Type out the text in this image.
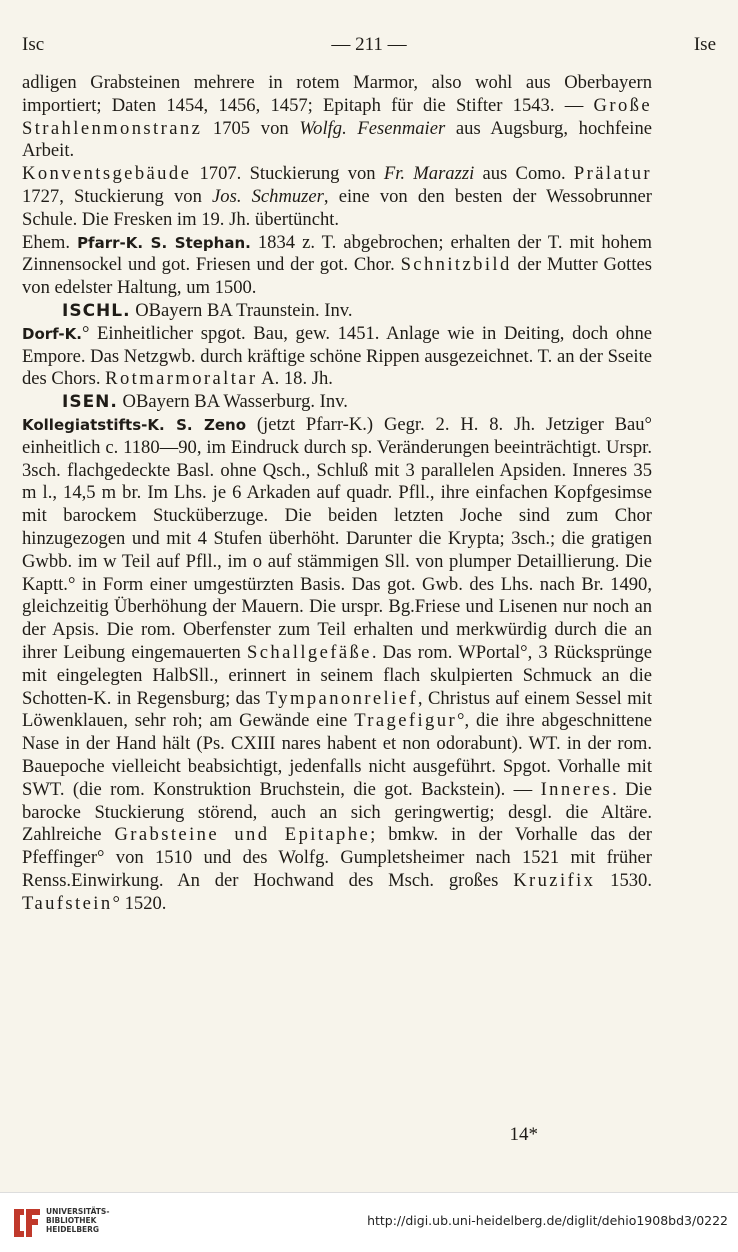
Isc	— 211 —	Ise

adligen Grabsteinen mehrere in rotem Marmor, also wohl aus Oberbayern importiert; Daten 1454, 1456, 1457; Epitaph für die Stifter 1543. — Große Strahlenmonstranz 1705 von Wolfg. Fesenmaier aus Augsburg, hochfeine Arbeit.

Konventsgebäude 1707. Stuckierung von Fr. Marazzi aus Como. Prälatur 1727, Stuckierung von Jos. Schmuzer, eine von den besten der Wessobrunner Schule. Die Fresken im 19. Jh. übertüncht.

Ehem. Pfarr-K. S. Stephan. 1834 z. T. abgebrochen; erhalten der T. mit hohem Zinnensockel und got. Friesen und der got. Chor. Schnitzbild der Mutter Gottes von edelster Haltung, um 1500.

ISCHL. OBayern BA Traunstein. Inv.

Dorf-K.° Einheitlicher spgot. Bau, gew. 1451. Anlage wie in Deiting, doch ohne Empore. Das Netzgwb. durch kräftige schöne Rippen ausgezeichnet. T. an der Sseite des Chors. Rotmarmoraltar A. 18. Jh.

ISEN. OBayern BA Wasserburg. Inv.

Kollegiatstifts-K. S. Zeno (jetzt Pfarr-K.) Gegr. 2. H. 8. Jh. Jetziger Bau° einheitlich c. 1180—90, im Eindruck durch sp. Veränderungen beeinträchtigt. Urspr. 3sch. flachgedeckte Basl. ohne Qsch., Schluß mit 3 parallelen Apsiden. Inneres 35 m l., 14,5 m br. Im Lhs. je 6 Arkaden auf quadr. Pfll., ihre einfachen Kopfgesimse mit barockem Stucküberzuge. Die beiden letzten Joche sind zum Chor hinzugezogen und mit 4 Stufen überhöht. Darunter die Krypta; 3sch.; die gratigen Gwbb. im w Teil auf Pfll., im o auf stämmigen Sll. von plumper Detaillierung. Die Kaptt.° in Form einer umgestürzten Basis. Das got. Gwb. des Lhs. nach Br. 1490, gleichzeitig Überhöhung der Mauern. Die urspr. Bg.Friese und Lisenen nur noch an der Apsis. Die rom. Oberfenster zum Teil erhalten und merkwürdig durch die an ihrer Leibung eingemauerten Schallgefäße. Das rom. WPortal°, 3 Rücksprünge mit eingelegten HalbSll., erinnert in seinem flach skulpierten Schmuck an die Schotten-K. in Regensburg; das Tympanonrelief, Christus auf einem Sessel mit Löwenklauen, sehr roh; am Gewände eine Tragefigur°, die ihre abgeschnittene Nase in der Hand hält (Ps. CXIII nares habent et non odorabunt). WT. in der rom. Bauepoche vielleicht beabsichtigt, jedenfalls nicht ausgeführt. Spgot. Vorhalle mit SWT. (die rom. Konstruktion Bruchstein, die got. Backstein). — Inneres. Die barocke Stuckierung störend, auch an sich geringwertig; desgl. die Altäre. Zahlreiche Grabsteine und Epitaphe; bmkw. in der Vorhalle das der Pfeffinger° von 1510 und des Wolfg. Gumpletsheimer nach 1521 mit früher Renss.Einwirkung. An der Hochwand des Msch. großes Kruzifix 1530. Taufstein° 1520.

14*
UNIVERSITÄTS-
BIBLIOTHEK
HEIDELBERG
http://digi.ub.uni-heidelberg.de/diglit/dehio1908bd3/0222
